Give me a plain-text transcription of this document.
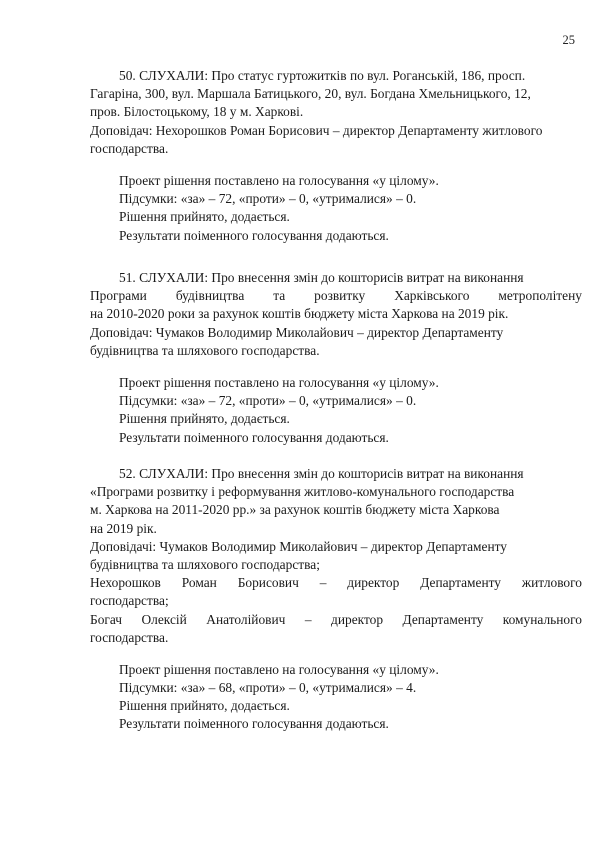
25
50. СЛУХАЛИ: Про статус гуртожитків по вул. Роганській, 186, просп.
Гагаріна, 300, вул. Маршала Батицького, 20, вул. Богдана Хмельницького, 12,
пров. Білостоцькому, 18 у м. Харкові.
Доповідач: Нехорошков Роман Борисович – директор Департаменту житлового
господарства.
Проект рішення поставлено на голосування «у цілому».
Підсумки: «за» – 72, «проти» – 0, «утрималися» – 0.
Рішення прийнято, додається.
Результати поіменного голосування додаються.
51. СЛУХАЛИ: Про внесення змін до кошторисів витрат на виконання
Програми будівництва та розвитку Харківського метрополітену
на 2010-2020 роки за рахунок коштів бюджету міста Харкова на 2019 рік.
Доповідач: Чумаков Володимир Миколайович – директор Департаменту
будівництва та шляхового господарства.
Проект рішення поставлено на голосування «у цілому».
Підсумки: «за» – 72, «проти» – 0, «утрималися» – 0.
Рішення прийнято, додається.
Результати поіменного голосування додаються.
52. СЛУХАЛИ: Про внесення змін до кошторисів витрат на виконання
«Програми розвитку і реформування житлово-комунального господарства
м. Харкова на 2011-2020 рр.» за рахунок коштів бюджету міста Харкова
на 2019 рік.
Доповідачі: Чумаков Володимир Миколайович – директор Департаменту
будівництва та шляхового господарства;
Нехорошков Роман Борисович – директор Департаменту житлового
господарства;
Богач Олексій Анатолійович – директор Департаменту комунального
господарства.
Проект рішення поставлено на голосування «у цілому».
Підсумки: «за» – 68, «проти» – 0, «утрималися» – 4.
Рішення прийнято, додається.
Результати поіменного голосування додаються.
